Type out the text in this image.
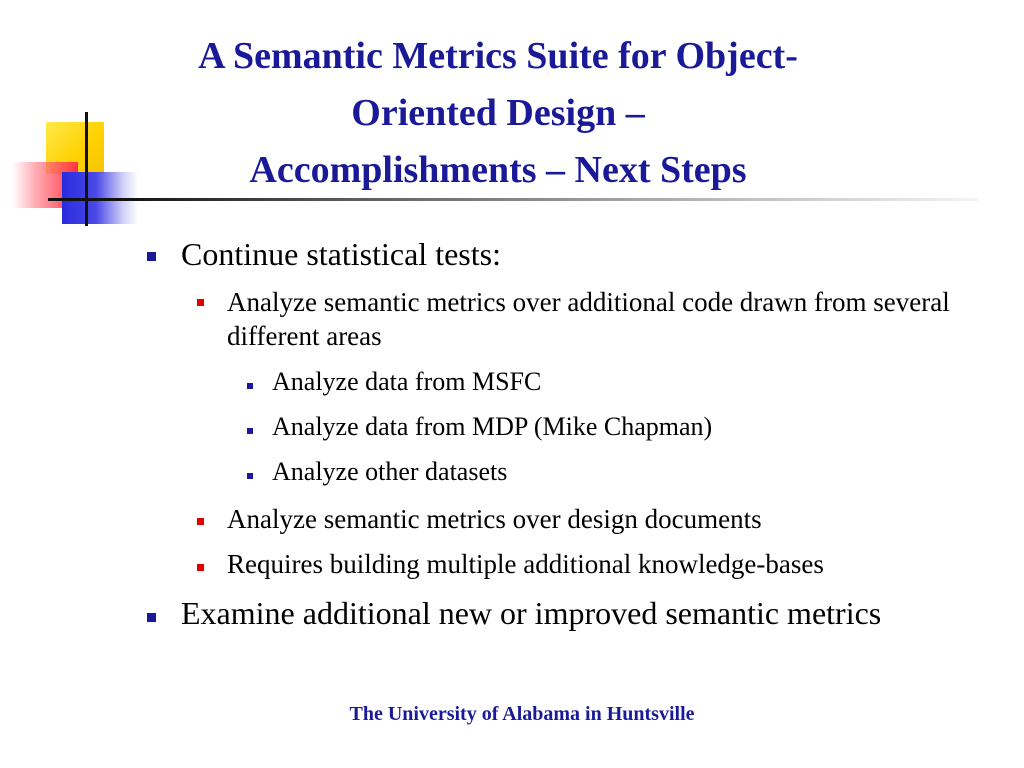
A Semantic Metrics Suite for Object-
Oriented Design –
Accomplishments – Next Steps
Continue statistical tests:
Analyze semantic metrics over additional code drawn from several different areas
Analyze data from MSFC
Analyze data from MDP (Mike Chapman)
Analyze other datasets
Analyze semantic metrics over design documents
Requires building multiple additional knowledge-bases
Examine additional new or improved semantic metrics
The University of Alabama in Huntsville
